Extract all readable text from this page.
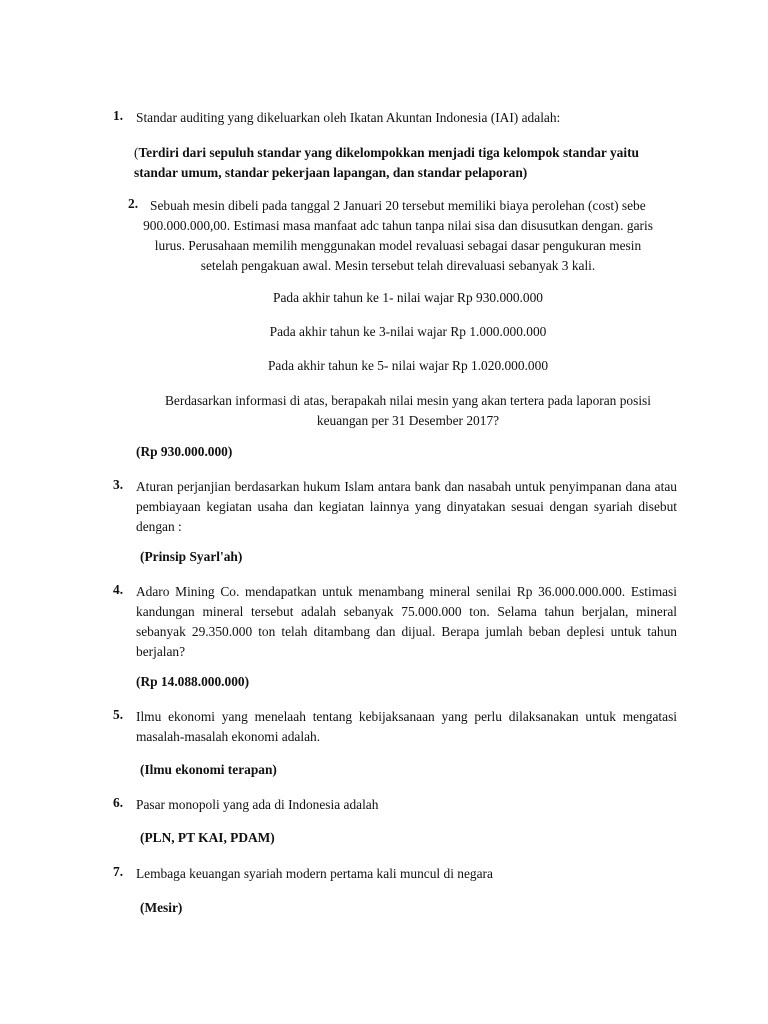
1. Standar auditing yang dikeluarkan oleh Ikatan Akuntan Indonesia (IAI) adalah:
(Terdiri dari sepuluh standar yang dikelompokkan menjadi tiga kelompok standar yaitu standar umum, standar pekerjaan lapangan, dan standar pelaporan)
2. Sebuah mesin dibeli pada tanggal 2 Januari 20 tersebut memiliki biaya perolehan (cost) sebe
900.000.000,00. Estimasi masa manfaat adc tahun tanpa nilai sisa dan disusutkan dengan. garis
lurus. Perusahaan memilih menggunakan model revaluasi sebagai dasar pengukuran mesin
setelah pengakuan awal. Mesin tersebut telah direvaluasi sebanyak 3 kali.
Pada akhir tahun ke 1- nilai wajar Rp 930.000.000
Pada akhir tahun ke 3-nilai wajar Rp 1.000.000.000
Pada akhir tahun ke 5- nilai wajar Rp 1.020.000.000
Berdasarkan informasi di atas, berapakah nilai mesin yang akan tertera pada laporan posisi
keuangan per 31 Desember 2017?
(Rp 930.000.000)
3. Aturan perjanjian berdasarkan hukum Islam antara bank dan nasabah untuk penyimpanan dana atau pembiayaan kegiatan usaha dan kegiatan lainnya yang dinyatakan sesuai dengan syariah disebut dengan :
(Prinsip Syarl'ah)
4. Adaro Mining Co. mendapatkan untuk menambang mineral senilai Rp 36.000.000.000. Estimasi kandungan mineral tersebut adalah sebanyak 75.000.000 ton. Selama tahun berjalan, mineral sebanyak 29.350.000 ton telah ditambang dan dijual. Berapa jumlah beban deplesi untuk tahun berjalan?
(Rp 14.088.000.000)
5. Ilmu ekonomi yang menelaah tentang kebijaksanaan yang perlu dilaksanakan untuk mengatasi masalah-masalah ekonomi adalah.
(Ilmu ekonomi terapan)
6. Pasar monopoli yang ada di Indonesia adalah
(PLN, PT KAI, PDAM)
7. Lembaga keuangan syariah modern pertama kali muncul di negara
(Mesir)
